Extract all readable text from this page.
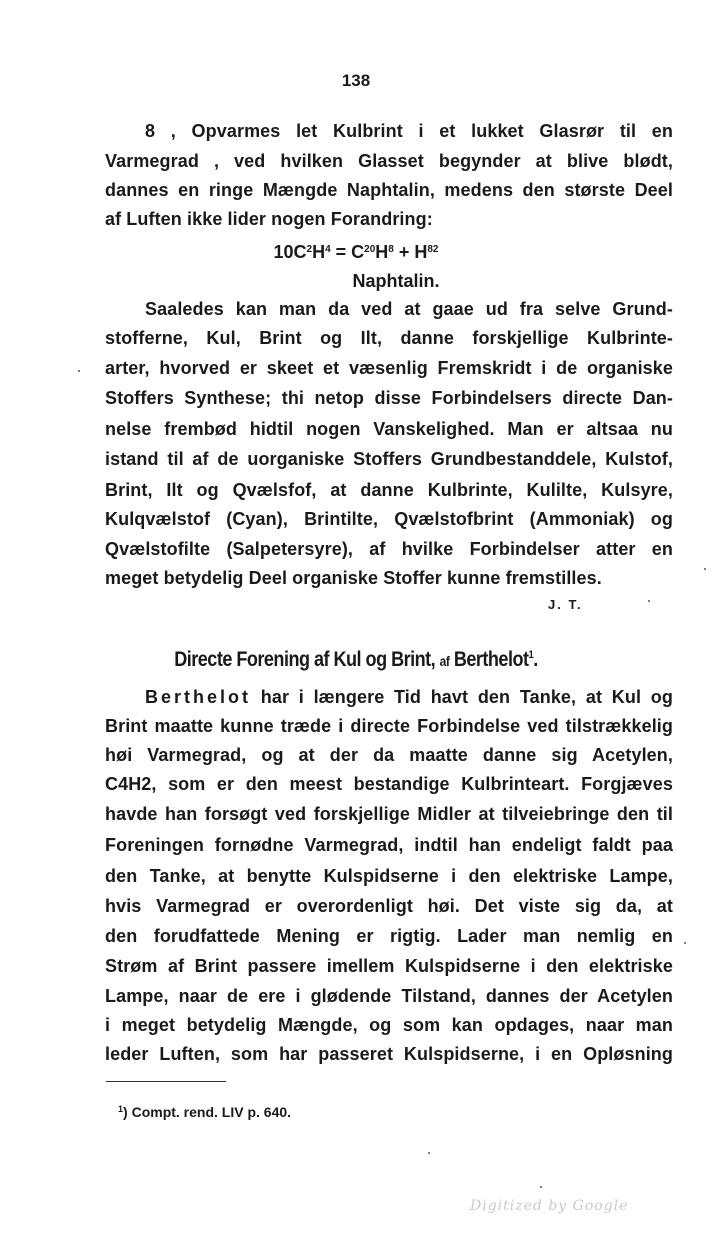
138
8 , Opvarmes let Kulbrint i et lukket Glasrør til en
Varmegrad , ved hvilken Glasset begynder at blive blødt,
dannes en ringe Mængde Naphtalin, medens den største Deel
af Luften ikke lider nogen Forandring:
$10C^2H^4 = C^{20}H^8 + H^{82}$
Naphtalin.
Saaledes kan man da ved at gaae ud fra selve Grund-
stofferne, Kul, Brint og Ilt, danne forskjellige Kulbrinte-
arter, hvorved er skeet et væsenlig Fremskridt i de organiske
Stoffers Synthese; thi netop disse Forbindelsers directe Dan-
nelse frembød hidtil nogen Vanskelighed. Man er altsaa nu
istand til af de uorganiske Stoffers Grundbestanddele, Kulstof,
Brint, Ilt og Qvælsfof, at danne Kulbrinte, Kulilte, Kulsyre,
Kulqvælstof (Cyan), Brintilte, Qvælstofbrint (Ammoniak) og
Qvælstofilte (Salpetersyre), af hvilke Forbindelser atter en
meget betydelig Deel organiske Stoffer kunne fremstilles.
J. T.
Directe Forening af Kul og Brint, af Berthelot$^1$.
Berthelot har i længere Tid havt den Tanke, at Kul og
Brint maatte kunne træde i directe Forbindelse ved tilstrækkelig
høi Varmegrad, og at der da maatte danne sig Acetylen,
C4H2, som er den meest bestandige Kulbrinteart. Forgjæves
havde han forsøgt ved forskjellige Midler at tilveiebringe den til
Foreningen fornødne Varmegrad, indtil han endeligt faldt paa
den Tanke, at benytte Kulspidserne i den elektriske Lampe,
hvis Varmegrad er overordenligt høi. Det viste sig da, at
den forudfattede Mening er rigtig. Lader man nemlig en
Strøm af Brint passere imellem Kulspidserne i den elektriske
Lampe, naar de ere i glødende Tilstand, dannes der Acetylen
i meget betydelig Mængde, og som kan opdages, naar man
leder Luften, som har passeret Kulspidserne, i en Opløsning
$^1$) Compt. rend. LIV p. 640.
Digitized by Google
